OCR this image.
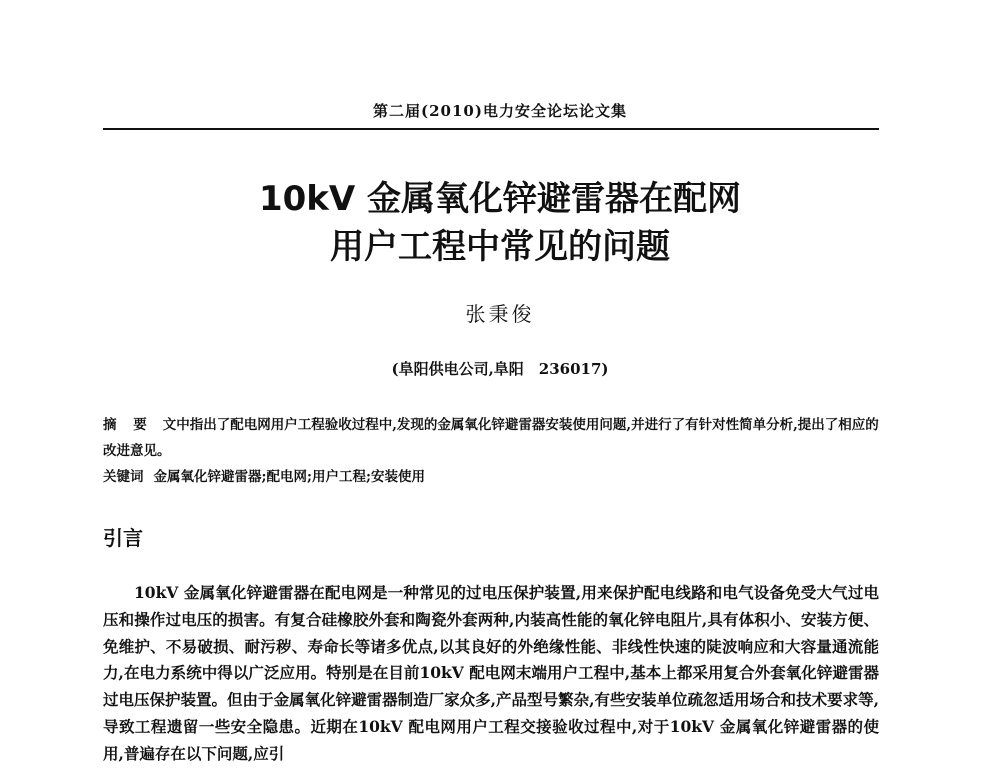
第二届(2010)电力安全论坛论文集
10kV 金属氧化锌避雷器在配网
用户工程中常见的问题
张秉俊
(阜阳供电公司,阜阳　236017)
摘 要 文中指出了配电网用户工程验收过程中,发现的金属氧化锌避雷器安装使用问题,并进行了有针对性简单分析,提出了相应的改进意见。
关键词 金属氧化锌避雷器;配电网;用户工程;安装使用
引言
10kV 金属氧化锌避雷器在配电网是一种常见的过电压保护装置,用来保护配电线路和电气设备免受大气过电压和操作过电压的损害。有复合硅橡胶外套和陶瓷外套两种,内装高性能的氧化锌电阻片,具有体积小、安装方便、免维护、不易破损、耐污秽、寿命长等诸多优点,以其良好的外绝缘性能、非线性快速的陡波响应和大容量通流能力,在电力系统中得以广泛应用。特别是在目前10kV 配电网末端用户工程中,基本上都采用复合外套氧化锌避雷器过电压保护装置。但由于金属氧化锌避雷器制造厂家众多,产品型号繁杂,有些安装单位疏忽适用场合和技术要求等,导致工程遗留一些安全隐患。近期在10kV 配电网用户工程交接验收过程中,对于10kV 金属氧化锌避雷器的使用,普遍存在以下问题,应引
